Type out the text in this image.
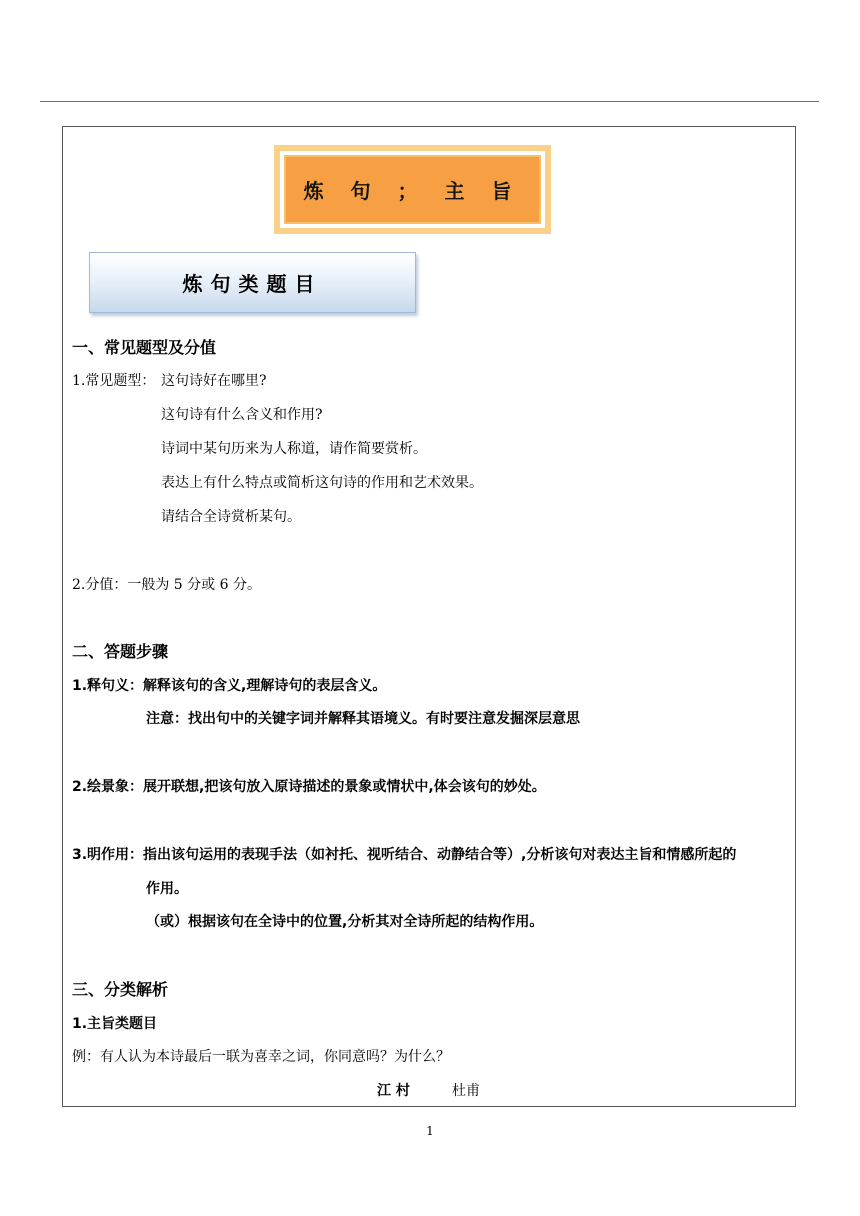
炼 句 ； 主 旨
炼句类题目
一、常见题型及分值
1.常见题型： 这句诗好在哪里?
这句诗有什么含义和作用?
诗词中某句历来为人称道，请作简要赏析。
表达上有什么特点或简析这句诗的作用和艺术效果。
请结合全诗赏析某句。
2.分值：一般为 5 分或 6 分。
二、答题步骤
1.释句义：解释该句的含义,理解诗句的表层含义。
注意：找出句中的关键字词并解释其语境义。有时要注意发掘深层意思
2.绘景象：展开联想,把该句放入原诗描述的景象或情状中,体会该句的妙处。
3.明作用：指出该句运用的表现手法（如衬托、视听结合、动静结合等）,分析该句对表达主旨和情感所起的
作用。
（或）根据该句在全诗中的位置,分析其对全诗所起的结构作用。
三、分类解析
1.主旨类题目
例：有人认为本诗最后一联为喜幸之词，你同意吗？为什么？
江 村	杜甫
1
